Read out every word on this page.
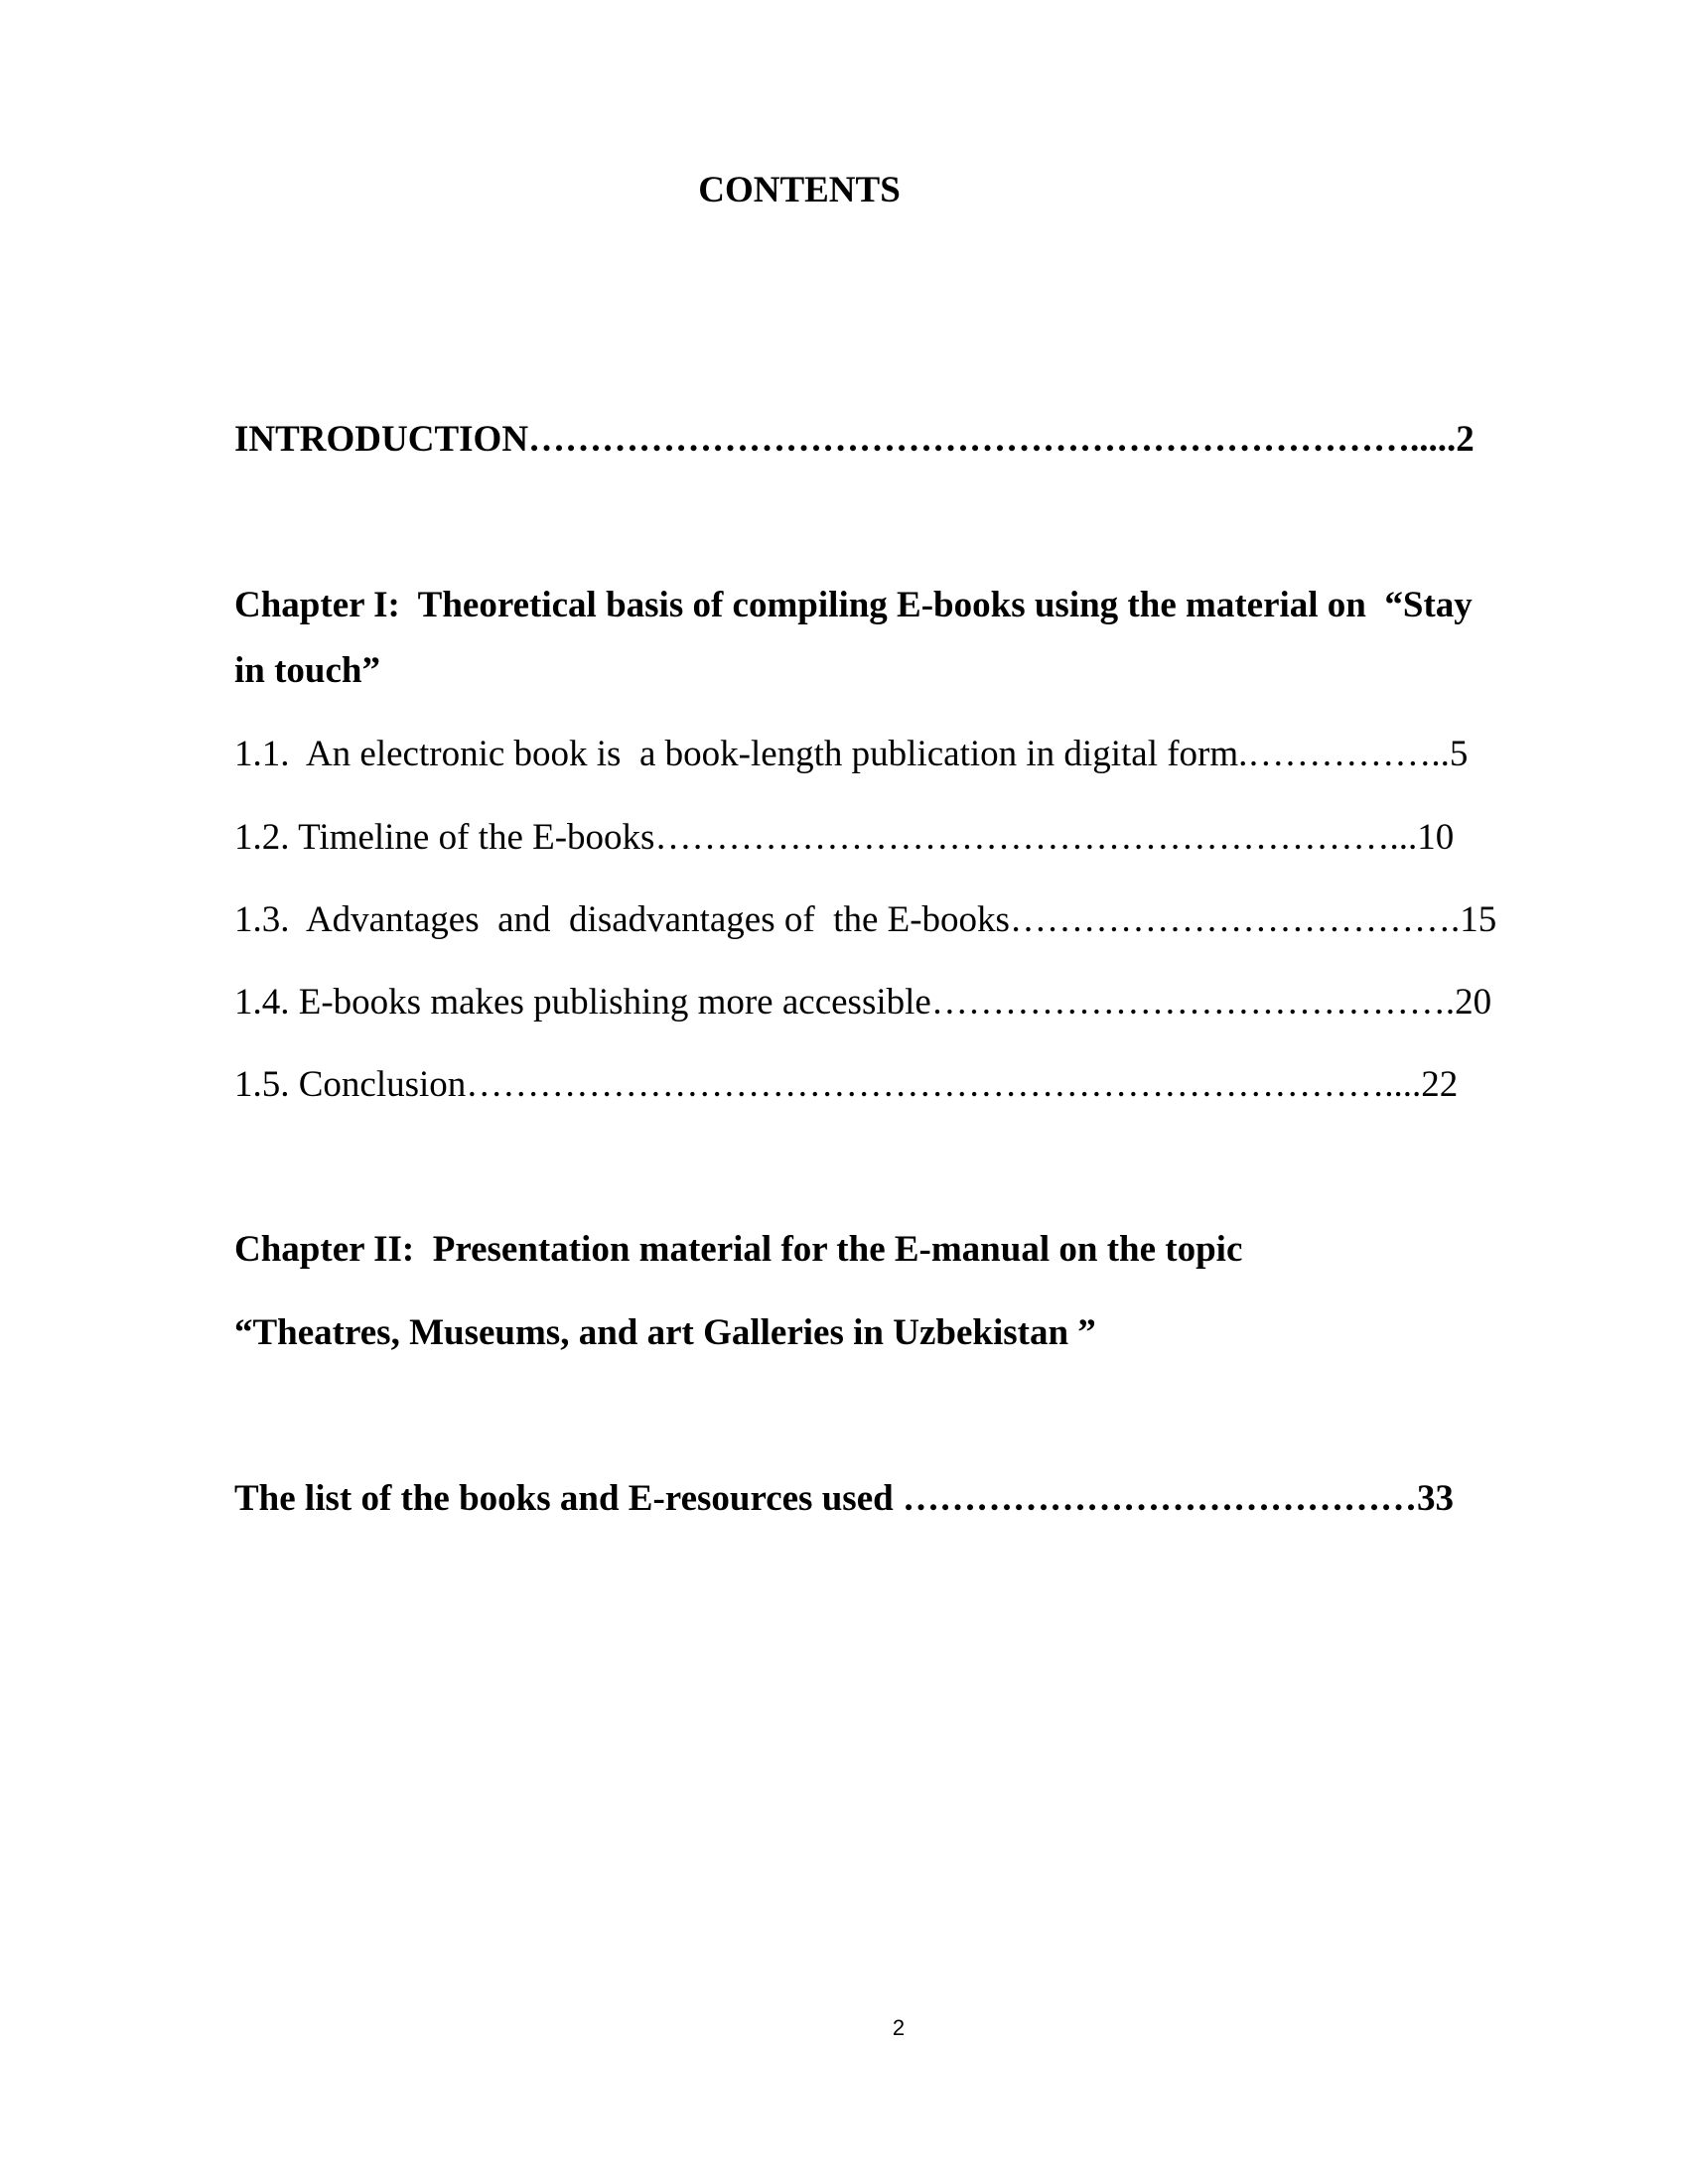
CONTENTS
INTRODUCTION……………………………………………………………….....2
Chapter I:  Theoretical basis of compiling E-books using the material on  “Stay
in touch”
1.1.  An electronic book is  a book-length publication in digital form.……………..5
1.2. Timeline of the E-books……………………………………………………...10
1.3.  Advantages  and  disadvantages of  the E-books……………………………….15
1.4. E-books makes publishing more accessible…………………………………….20
1.5. Conclusion…………………………………………………………………....22
Chapter II:  Presentation material for the E-manual on the topic
“Theatres, Museums, and art Galleries in Uzbekistan ”
The list of the books and E-resources used ……………………………………33
2
